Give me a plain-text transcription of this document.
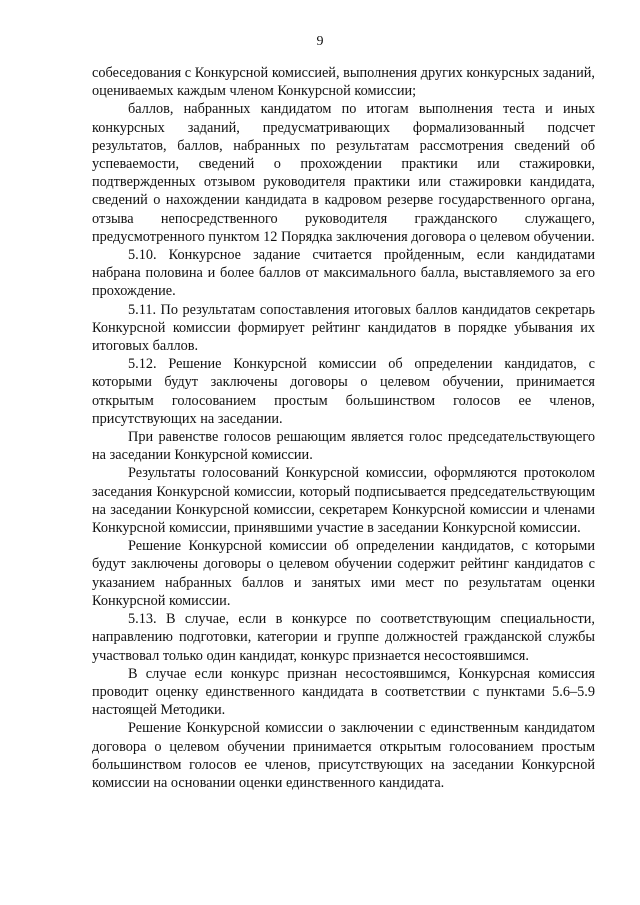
9

собеседования с Конкурсной комиссией, выполнения других конкурсных заданий, оцениваемых каждым членом Конкурсной комиссии;

баллов, набранных кандидатом по итогам выполнения теста и иных конкурсных заданий, предусматривающих формализованный подсчет результатов, баллов, набранных по результатам рассмотрения сведений об успеваемости, сведений о прохождении практики или стажировки, подтвержденных отзывом руководителя практики или стажировки кандидата, сведений о нахождении кандидата в кадровом резерве государственного органа, отзыва непосредственного руководителя гражданского служащего, предусмотренного пунктом 12 Порядка заключения договора о целевом обучении.

5.10. Конкурсное задание считается пройденным, если кандидатами набрана половина и более баллов от максимального балла, выставляемого за его прохождение.

5.11. По результатам сопоставления итоговых баллов кандидатов секретарь Конкурсной комиссии формирует рейтинг кандидатов в порядке убывания их итоговых баллов.

5.12. Решение Конкурсной комиссии об определении кандидатов, с которыми будут заключены договоры о целевом обучении, принимается открытым голосованием простым большинством голосов ее членов, присутствующих на заседании.

При равенстве голосов решающим является голос председательствующего на заседании Конкурсной комиссии.

Результаты голосований Конкурсной комиссии, оформляются протоколом заседания Конкурсной комиссии, который подписывается председательствующим на заседании Конкурсной комиссии, секретарем Конкурсной комиссии и членами Конкурсной комиссии, принявшими участие в заседании Конкурсной комиссии.

Решение Конкурсной комиссии об определении кандидатов, с которыми будут заключены договоры о целевом обучении содержит рейтинг кандидатов с указанием набранных баллов и занятых ими мест по результатам оценки Конкурсной комиссии.

5.13. В случае, если в конкурсе по соответствующим специальности, направлению подготовки, категории и группе должностей гражданской службы участвовал только один кандидат, конкурс признается несостоявшимся.

В случае если конкурс признан несостоявшимся, Конкурсная комиссия проводит оценку единственного кандидата в соответствии с пунктами 5.6–5.9 настоящей Методики.

Решение Конкурсной комиссии о заключении с единственным кандидатом договора о целевом обучении принимается открытым голосованием простым большинством голосов ее членов, присутствующих на заседании Конкурсной комиссии на основании оценки единственного кандидата.
